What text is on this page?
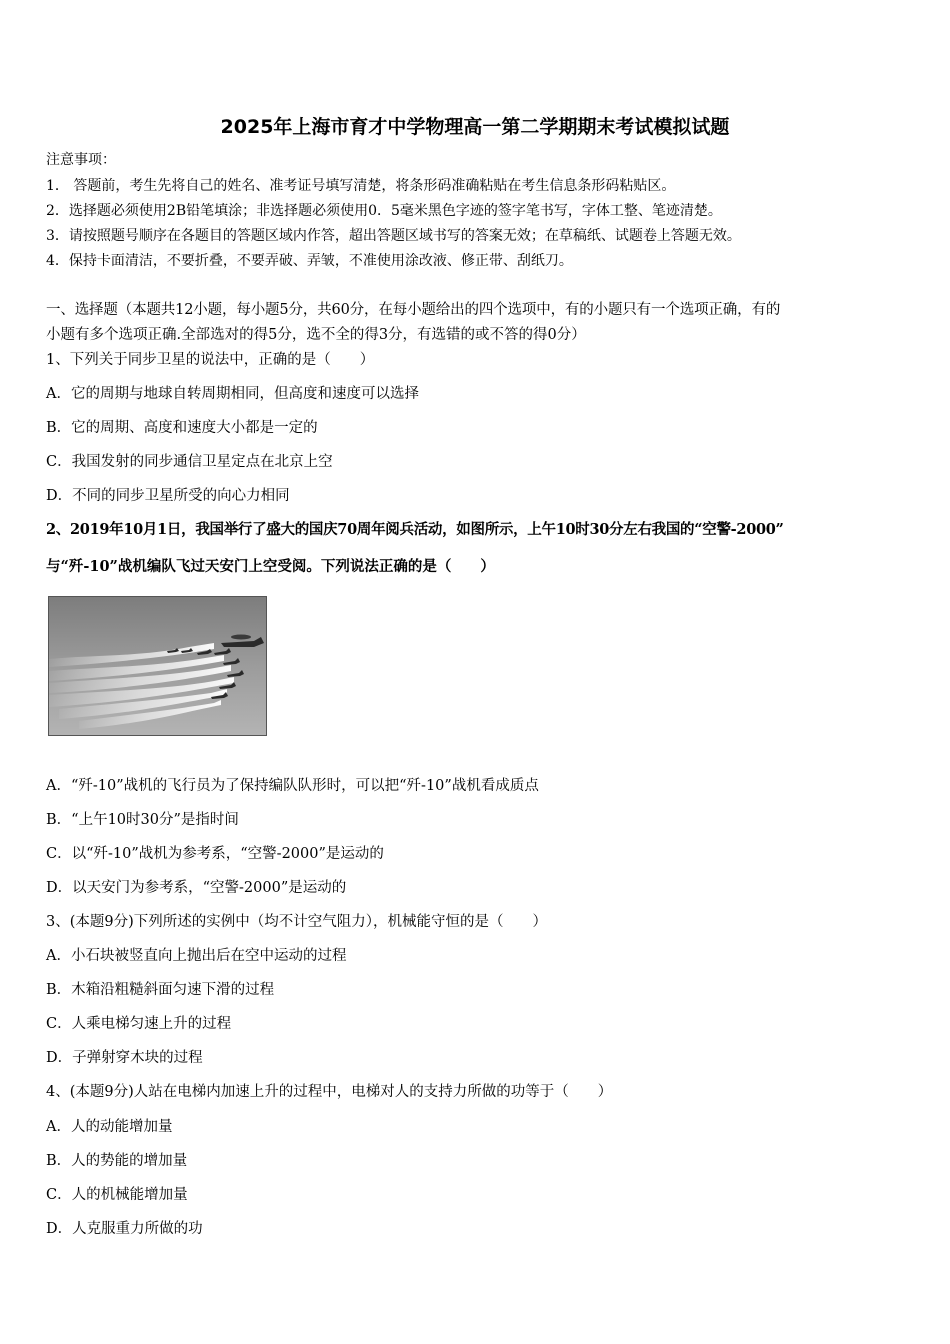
2025年上海市育才中学物理高一第二学期期末考试模拟试题
注意事项：
1． 答题前，考生先将自己的姓名、准考证号填写清楚，将条形码准确粘贴在考生信息条形码粘贴区。
2．选择题必须使用2B铅笔填涂；非选择题必须使用0．5毫米黑色字迹的签字笔书写，字体工整、笔迹清楚。
3．请按照题号顺序在各题目的答题区域内作答，超出答题区域书写的答案无效；在草稿纸、试题卷上答题无效。
4．保持卡面清洁，不要折叠，不要弄破、弄皱，不准使用涂改液、修正带、刮纸刀。
一、选择题（本题共12小题，每小题5分，共60分，在每小题给出的四个选项中，有的小题只有一个选项正确，有的
小题有多个选项正确.全部选对的得5分，选不全的得3分，有选错的或不答的得0分）
1、下列关于同步卫星的说法中，正确的是（　　）
A．它的周期与地球自转周期相同，但高度和速度可以选择
B．它的周期、高度和速度大小都是一定的
C．我国发射的同步通信卫星定点在北京上空
D．不同的同步卫星所受的向心力相同
2、2019年10月1日，我国举行了盛大的国庆70周年阅兵活动，如图所示，上午10时30分左右我国的“空警-2000”
与“歼-10”战机编队飞过天安门上空受阅。下列说法正确的是（　　）
A．“歼-10”战机的飞行员为了保持编队队形时，可以把“歼-10”战机看成质点
B．“上午10时30分”是指时间
C．以“歼-10”战机为参考系，“空警-2000”是运动的
D．以天安门为参考系，“空警-2000”是运动的
3、(本题9分)下列所述的实例中（均不计空气阻力），机械能守恒的是（　　）
A．小石块被竖直向上抛出后在空中运动的过程
B．木箱沿粗糙斜面匀速下滑的过程
C．人乘电梯匀速上升的过程
D．子弹射穿木块的过程
4、(本题9分)人站在电梯内加速上升的过程中，电梯对人的支持力所做的功等于（　　）
A．人的动能增加量
B．人的势能的增加量
C．人的机械能增加量
D．人克服重力所做的功
